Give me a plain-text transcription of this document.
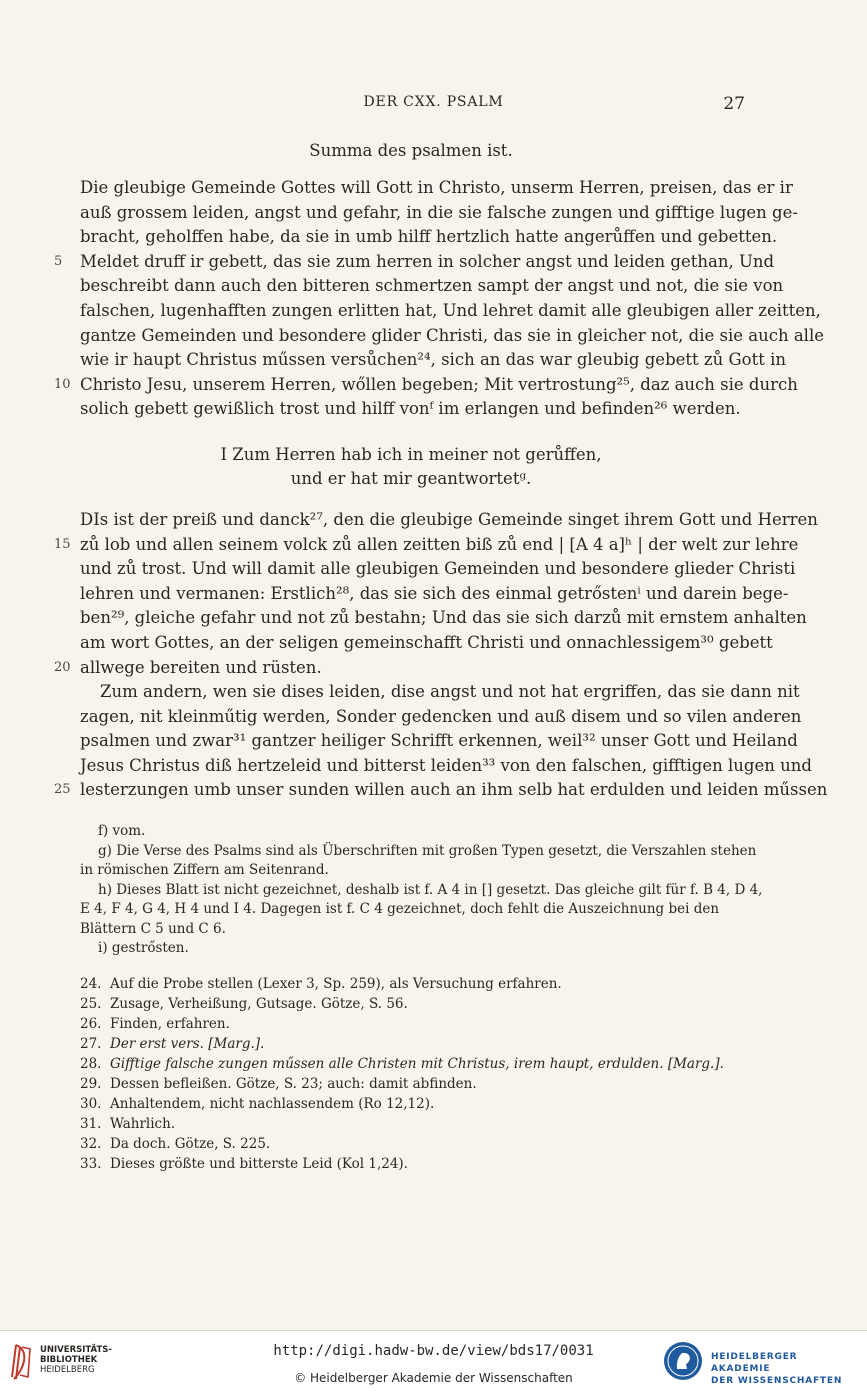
DER CXX. PSALM	27
Summa des psalmen ist.
Die gleubige Gemeinde Gottes will Gott in Christo, unserm Herren, preisen, das er ir
auß grossem leiden, angst und gefahr, in die sie falsche zungen und gifftige lugen ge-
bracht, geholffen habe, da sie in umb hilff hertzlich hatte angerůffen und gebetten.
5 Meldet druff ir gebett, das sie zum herren in solcher angst und leiden gethan, Und
beschreibt dann auch den bitteren schmertzen sampt der angst und not, die sie von
falschen, lugenhafften zungen erlitten hat, Und lehret damit alle gleubigen aller zeitten,
gantze Gemeinden und besondere glider Christi, das sie in gleicher not, die sie auch alle
wie ir haupt Christus műssen versůchen²⁴, sich an das war gleubig gebett zů Gott in
10 Christo Jesu, unserem Herren, wőllen begeben; Mit vertrostung²⁵, daz auch sie durch
solich gebett gewißlich trost und hilff vonᶠ im erlangen und befinden²⁶ werden.
I Zum Herren hab ich in meiner not gerůffen,
und er hat mir geantwortetᵍ.
DIs ist der preiß und danck²⁷, den die gleubige Gemeinde singet ihrem Gott und Herren
15 zů lob und allen seinem volck zů allen zeitten biß zů end | [A 4 a]ʰ | der welt zur lehre
und zů trost. Und will damit alle gleubigen Gemeinden und besondere glieder Christi
lehren und vermanen: Erstlich²⁸, das sie sich des einmal getrőstenⁱ und darein bege-
ben²⁹, gleiche gefahr und not zů bestahn; Und das sie sich darzů mit ernstem anhalten
am wort Gottes, an der seligen gemeinschafft Christi und onnachlessigem³⁰ gebett
20 allwege bereiten und rüsten.
Zum andern, wen sie dises leiden, dise angst und not hat ergriffen, das sie dann nit
zagen, nit kleinműtig werden, Sonder gedencken und auß disem und so vilen anderen
psalmen und zwar³¹ gantzer heiliger Schrifft erkennen, weil³² unser Gott und Heiland
Jesus Christus diß hertzeleid und bitterst leiden³³ von den falschen, gifftigen lugen und
25 lesterzungen umb unser sunden willen auch an ihm selb hat erdulden und leiden műssen
f) vom.
g) Die Verse des Psalms sind als Überschriften mit großen Typen gesetzt, die Verszahlen stehen
in römischen Ziffern am Seitenrand.
h) Dieses Blatt ist nicht gezeichnet, deshalb ist f. A 4 in [] gesetzt. Das gleiche gilt für f. B 4, D 4,
E 4, F 4, G 4, H 4 und I 4. Dagegen ist f. C 4 gezeichnet, doch fehlt die Auszeichnung bei den
Blättern C 5 und C 6.
i) gestrősten.
24. Auf die Probe stellen (Lexer 3, Sp. 259), als Versuchung erfahren.
25. Zusage, Verheißung, Gutsage. Götze, S. 56.
26. Finden, erfahren.
27. Der erst vers. [Marg.].
28. Gifftige falsche zungen műssen alle Christen mit Christus, irem haupt, erdulden. [Marg.].
29. Dessen befleißen. Götze, S. 23; auch: damit abfinden.
30. Anhaltendem, nicht nachlassendem (Ro 12,12).
31. Wahrlich.
32. Da doch. Götze, S. 225.
33. Dieses größte und bitterste Leid (Kol 1,24).
UNIVERSITÄTS-
BIBLIOTHEK
HEIDELBERG
http://digi.hadw-bw.de/view/bds17/0031
© Heidelberger Akademie der Wissenschaften
HEIDELBERGER AKADEMIE
DER WISSENSCHAFTEN
